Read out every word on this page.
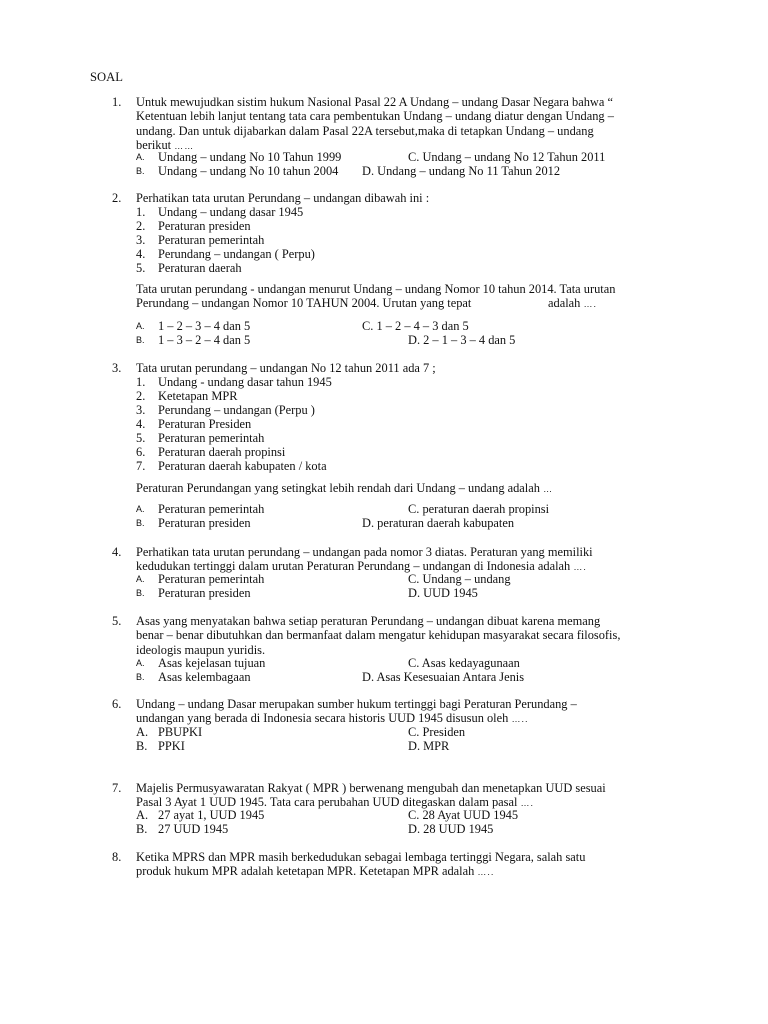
SOAL
1. Untuk mewujudkan sistim hukum Nasional Pasal 22 A Undang – undang Dasar Negara bahwa “
Ketentuan lebih lanjut tentang tata cara pembentukan Undang – undang diatur dengan Undang –
undang. Dan untuk dijabarkan dalam Pasal 22A tersebut,maka di tetapkan Undang – undang
berikut ……
A. Undang – undang No 10 Tahun 1999	C. Undang – undang No 12 Tahun 2011
B. Undang – undang No 10 tahun 2004 D. Undang – undang No 11 Tahun 2012
2. Perhatikan tata urutan Perundang – undangan dibawah ini :
1. Undang – undang dasar 1945
2. Peraturan presiden
3. Peraturan pemerintah
4. Perundang – undangan ( Perpu)
5. Peraturan daerah
Tata urutan perundang - undangan menurut Undang – undang Nomor 10 tahun 2014. Tata urutan
Perundang – undangan Nomor 10 TAHUN 2004. Urutan yang tepat	adalah ….
A. 1 – 2 – 3 – 4 dan 5	C. 1 – 2 – 4 – 3 dan 5
B. 1 – 3 – 2 – 4 dan 5	D. 2 – 1 – 3 – 4 dan 5
3. Tata urutan perundang – undangan No 12 tahun 2011 ada 7 ;
1. Undang - undang dasar tahun 1945
2. Ketetapan MPR
3. Perundang – undangan (Perpu )
4. Peraturan Presiden
5. Peraturan pemerintah
6. Peraturan daerah propinsi
7. Peraturan daerah kabupaten / kota
Peraturan Perundangan yang setingkat lebih rendah dari Undang – undang adalah …
A. Peraturan pemerintah	C. peraturan daerah propinsi
B. Peraturan presiden	D. peraturan daerah kabupaten
4. Perhatikan tata urutan perundang – undangan pada nomor 3 diatas. Peraturan yang memiliki
kedudukan tertinggi dalam urutan Peraturan Perundang – undangan di Indonesia adalah ….
A. Peraturan pemerintah	C. Undang – undang
B. Peraturan presiden	D. UUD 1945
5. Asas yang menyatakan bahwa setiap peraturan Perundang – undangan dibuat karena memang
benar – benar dibutuhkan dan bermanfaat dalam mengatur kehidupan masyarakat secara filosofis,
ideologis maupun yuridis.
A. Asas kejelasan tujuan	C. Asas kedayagunaan
B. Asas kelembagaan	D. Asas Kesesuaian Antara Jenis
6. Undang – undang Dasar merupakan sumber hukum tertinggi bagi Peraturan Perundang –
undangan yang berada di Indonesia secara historis UUD 1945 disusun oleh …..
A. PBUPKI	C. Presiden
B. PPKI	D. MPR
7. Majelis Permusyawaratan Rakyat ( MPR ) berwenang mengubah dan menetapkan UUD sesuai
Pasal 3 Ayat 1 UUD 1945. Tata cara perubahan UUD ditegaskan dalam pasal ….
A. 27 ayat 1, UUD 1945	C. 28 Ayat UUD 1945
B. 27 UUD 1945	D. 28 UUD 1945
8. Ketika MPRS dan MPR masih berkedudukan sebagai lembaga tertinggi Negara, salah satu
produk hukum MPR adalah ketetapan MPR. Ketetapan MPR adalah …..
